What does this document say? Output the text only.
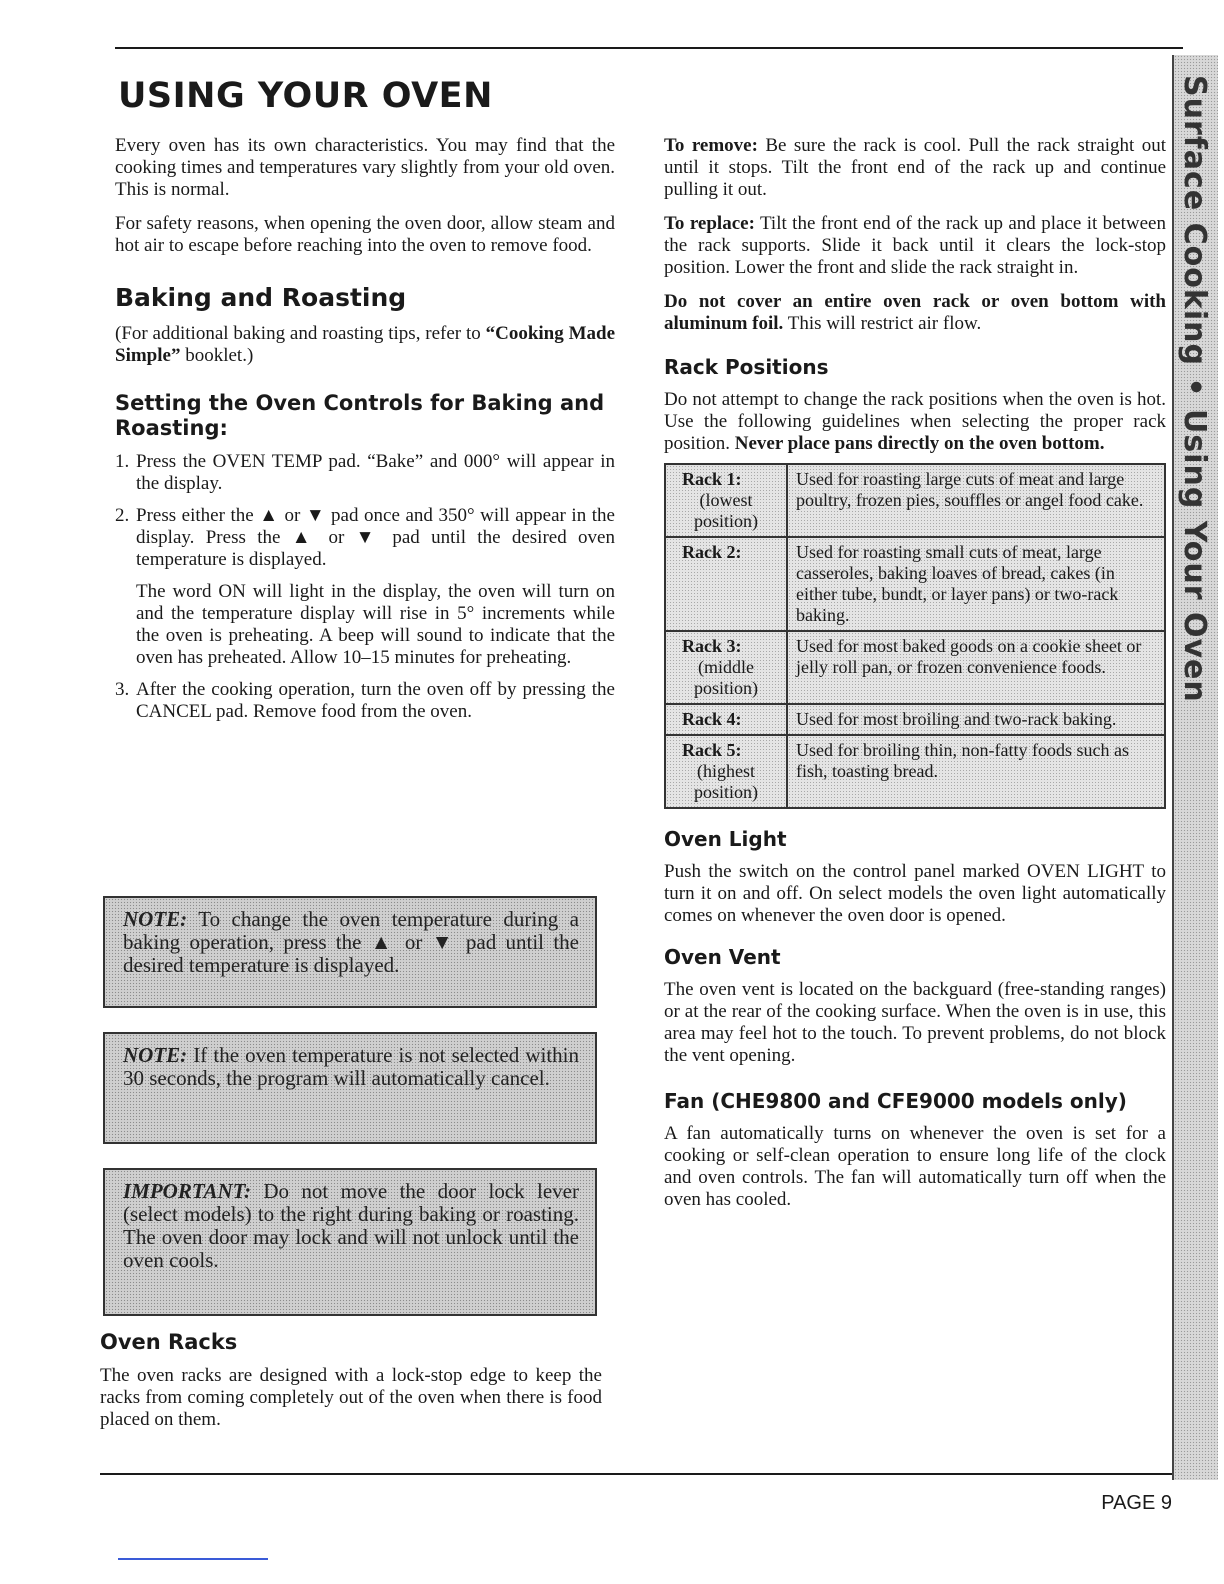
Surface Cooking • Using Your Oven
USING YOUR OVEN

Every oven has its own characteristics. You may find that the cooking times and temperatures vary slightly from your old oven. This is normal.

For safety reasons, when opening the oven door, allow steam and hot air to escape before reaching into the oven to remove food.

Baking and Roasting

(For additional baking and roasting tips, refer to “Cooking Made Simple” booklet.)

Setting the Oven Controls for Baking and Roasting:
1. Press the OVEN TEMP pad. “Bake” and 000° will appear in the display.

2. Press either the ▲ or ▼ pad once and 350° will appear in the display. Press the ▲ or ▼ pad until the desired oven temperature is displayed.

The word ON will light in the display, the oven will turn on and the temperature display will rise in 5° increments while the oven is preheating. A beep will sound to indicate that the oven has preheated. Allow 10–15 minutes for preheating.

3. After the cooking operation, turn the oven off by pressing the CANCEL pad. Remove food from the oven.

NOTE: To change the oven temperature during a baking operation, press the ▲ or ▼ pad until the desired temperature is displayed.
NOTE: If the oven temperature is not selected within 30 seconds, the program will automatically cancel.
IMPORTANT: Do not move the door lock lever (select models) to the right during baking or roasting. The oven door may lock and will not unlock until the oven cools.
Oven Racks

The oven racks are designed with a lock-stop edge to keep the racks from coming completely out of the oven when there is food placed on them.

To remove: Be sure the rack is cool. Pull the rack straight out until it stops. Tilt the front end of the rack up and continue pulling it out.

To replace: Tilt the front end of the rack up and place it between the rack supports. Slide it back until it clears the lock-stop position. Lower the front and slide the rack straight in.

Do not cover an entire oven rack or oven bottom with aluminum foil. This will restrict air flow.

Rack Positions

Do not attempt to change the rack positions when the oven is hot. Use the following guidelines when selecting the proper rack position. Never place pans directly on the oven bottom.

Rack 1:
(lowest position)	Used for roasting large cuts of meat and large poultry, frozen pies, souffles or angel food cake.

Rack 2:	Used for roasting small cuts of meat, large casseroles, baking loaves of bread, cakes (in either tube, bundt, or layer pans) or two-rack baking.

Rack 3:
(middle position)	Used for most baked goods on a cookie sheet or jelly roll pan, or frozen convenience foods.

Rack 4:	Used for most broiling and two-rack baking.

Rack 5:
(highest position)	Used for broiling thin, non-fatty foods such as fish, toasting bread.
Oven Light

Push the switch on the control panel marked OVEN LIGHT to turn it on and off. On select models the oven light automatically comes on whenever the oven door is opened.

Oven Vent

The oven vent is located on the backguard (free-standing ranges) or at the rear of the cooking surface. When the oven is in use, this area may feel hot to the touch. To prevent problems, do not block the vent opening.

Fan (CHE9800 and CFE9000 models only)

A fan automatically turns on whenever the oven is set for a cooking or self-clean operation to ensure long life of the clock and oven controls. The fan will automatically turn off when the oven has cooled.

PAGE 9
